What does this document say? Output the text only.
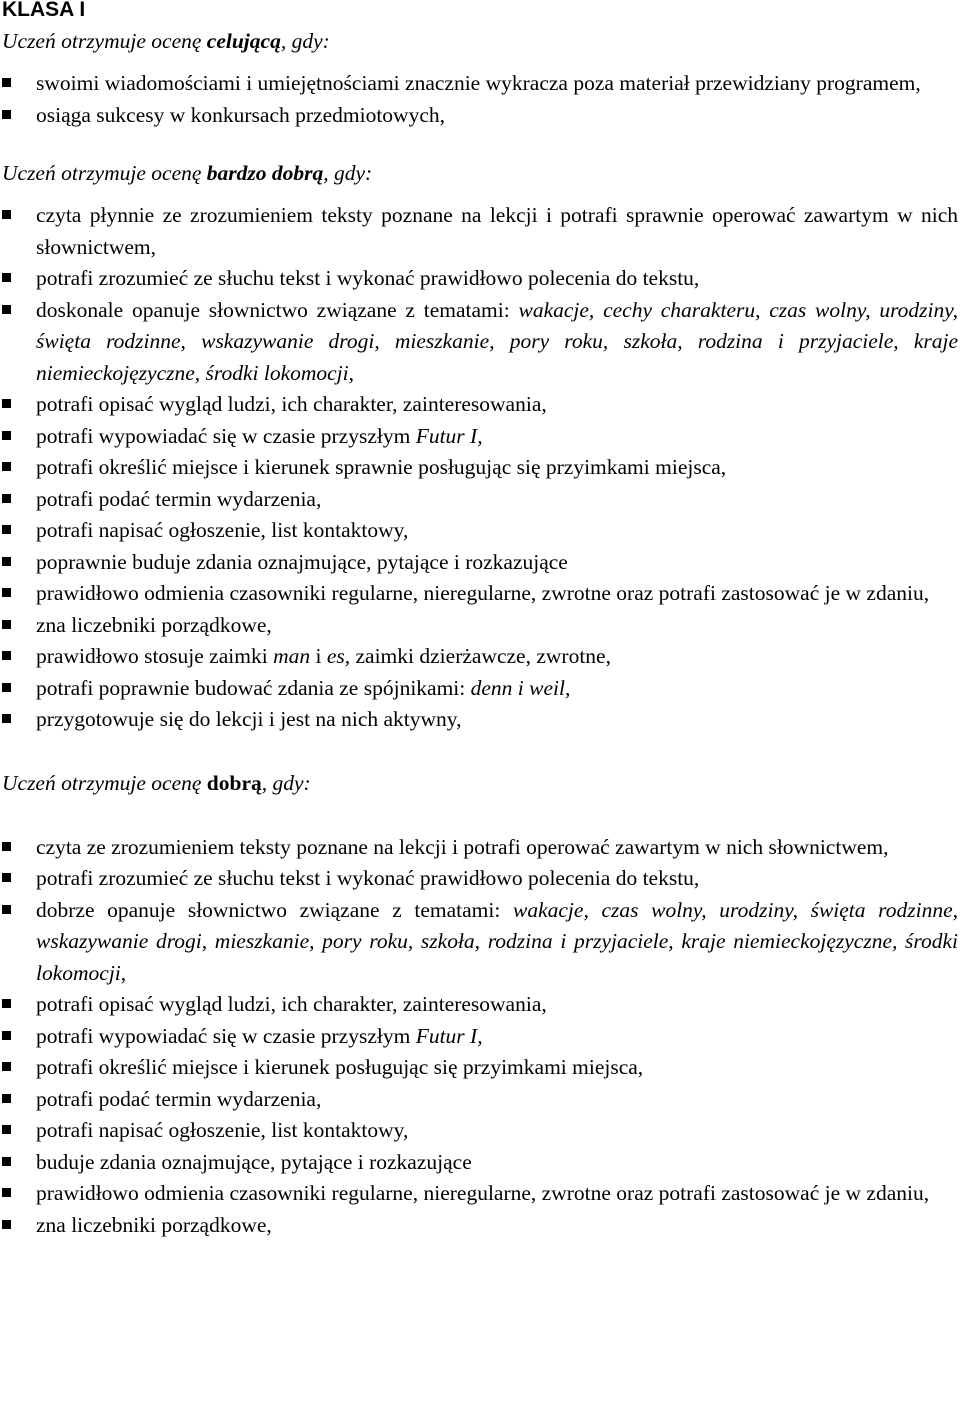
KLASA I

Uczeń otrzymuje ocenę celującą, gdy:

swoimi wiadomościami i umiejętnościami znacznie wykracza poza materiał przewidziany programem,
osiąga sukcesy w konkursach przedmiotowych,

Uczeń otrzymuje ocenę bardzo dobrą, gdy:

czyta płynnie ze zrozumieniem teksty poznane na lekcji i potrafi sprawnie operować zawartym w nich słownictwem,
potrafi zrozumieć ze słuchu tekst i wykonać prawidłowo polecenia do tekstu,
doskonale opanuje słownictwo związane z tematami: wakacje, cechy charakteru, czas wolny, urodziny, święta rodzinne, wskazywanie drogi, mieszkanie, pory roku, szkoła, rodzina i przyjaciele, kraje niemieckojęzyczne, środki lokomocji,
potrafi opisać wygląd ludzi, ich charakter, zainteresowania,
potrafi wypowiadać się w czasie przyszłym Futur I,
potrafi określić miejsce i kierunek sprawnie posługując się przyimkami miejsca,
potrafi podać termin wydarzenia,
potrafi napisać ogłoszenie, list kontaktowy,
poprawnie buduje zdania oznajmujące, pytające i rozkazujące
prawidłowo odmienia czasowniki regularne, nieregularne, zwrotne oraz potrafi zastosować je w zdaniu,
zna liczebniki porządkowe,
prawidłowo stosuje zaimki man i es, zaimki dzierżawcze, zwrotne,
potrafi poprawnie budować zdania ze spójnikami: denn i weil,
przygotowuje się do lekcji i jest na nich aktywny,

Uczeń otrzymuje ocenę dobrą, gdy:

czyta ze zrozumieniem teksty poznane na lekcji i potrafi operować zawartym w nich słownictwem,
potrafi zrozumieć ze słuchu tekst i wykonać prawidłowo polecenia do tekstu,
dobrze opanuje słownictwo związane z tematami: wakacje, czas wolny, urodziny, święta rodzinne, wskazywanie drogi, mieszkanie, pory roku, szkoła, rodzina i przyjaciele, kraje niemieckojęzyczne, środki lokomocji,
potrafi opisać wygląd ludzi, ich charakter, zainteresowania,
potrafi wypowiadać się w czasie przyszłym Futur I,
potrafi określić miejsce i kierunek posługując się przyimkami miejsca,
potrafi podać termin wydarzenia,
potrafi napisać ogłoszenie, list kontaktowy,
buduje zdania oznajmujące, pytające i rozkazujące
prawidłowo odmienia czasowniki regularne, nieregularne, zwrotne oraz potrafi zastosować je w zdaniu,
zna liczebniki porządkowe,
